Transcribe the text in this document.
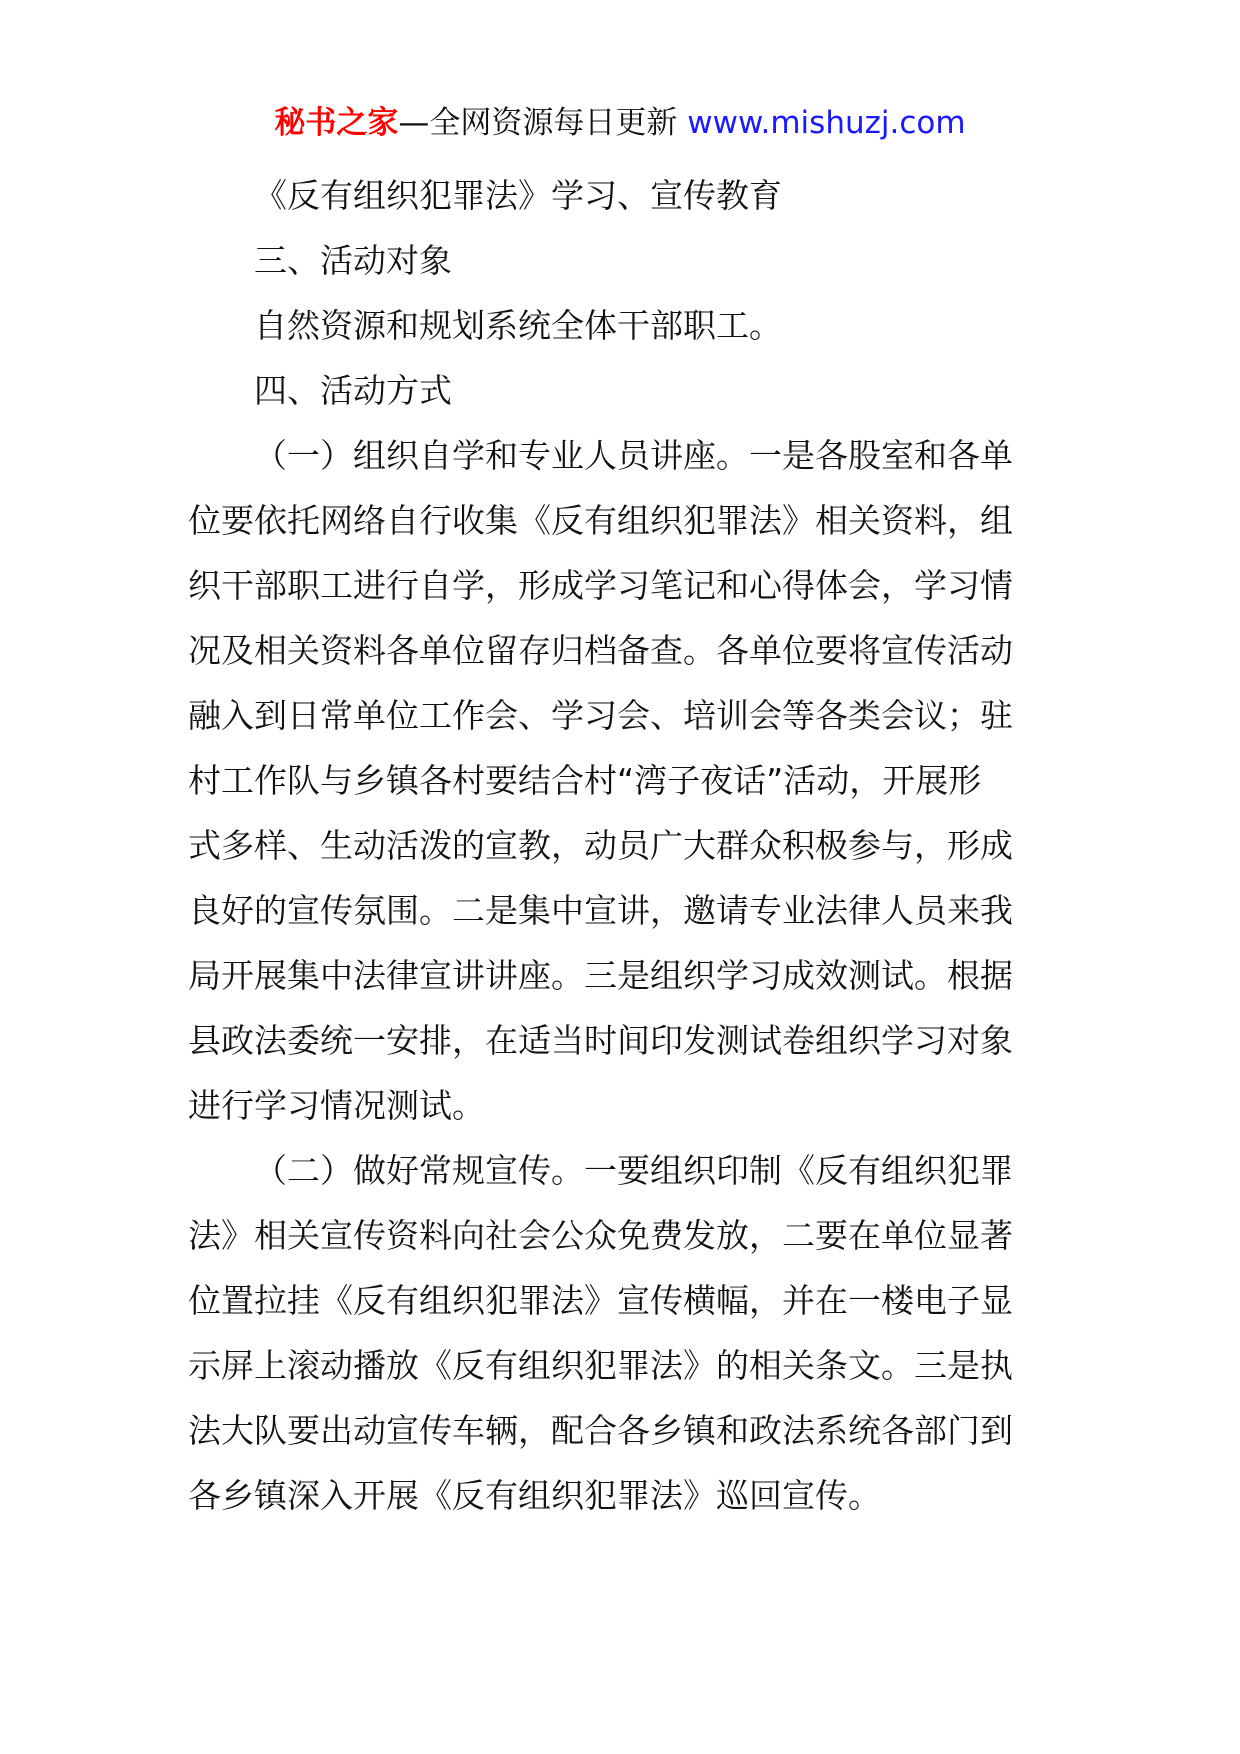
秘书之家—全网资源每日更新 www.mishuzj.com
《反有组织犯罪法》学习、宣传教育
三、活动对象
自然资源和规划系统全体干部职工。
四、活动方式
（一）组织自学和专业人员讲座。一是各股室和各单
位要依托网络自行收集《反有组织犯罪法》相关资料，组
织干部职工进行自学，形成学习笔记和心得体会，学习情
况及相关资料各单位留存归档备查。各单位要将宣传活动
融入到日常单位工作会、学习会、培训会等各类会议；驻
村工作队与乡镇各村要结合村“湾子夜话”活动，开展形
式多样、生动活泼的宣教，动员广大群众积极参与，形成
良好的宣传氛围。二是集中宣讲，邀请专业法律人员来我
局开展集中法律宣讲讲座。三是组织学习成效测试。根据
县政法委统一安排，在适当时间印发测试卷组织学习对象
进行学习情况测试。
（二）做好常规宣传。一要组织印制《反有组织犯罪
法》相关宣传资料向社会公众免费发放，二要在单位显著
位置拉挂《反有组织犯罪法》宣传横幅，并在一楼电子显
示屏上滚动播放《反有组织犯罪法》的相关条文。三是执
法大队要出动宣传车辆，配合各乡镇和政法系统各部门到
各乡镇深入开展《反有组织犯罪法》巡回宣传。
